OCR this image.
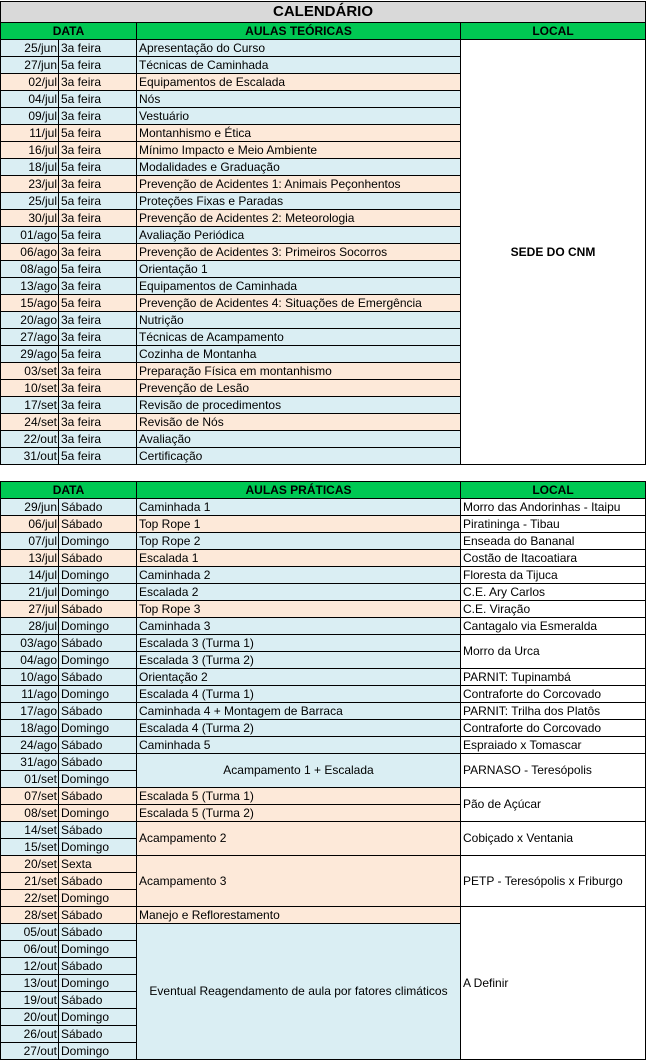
CALENDÁRIO			
DATA		AULAS TEÓRICAS	LOCAL
25/jun	3a feira	Apresentação do Curso	SEDE DO CNM
27/jun	5a feira	Técnicas de Caminhada	
02/jul	3a feira	Equipamentos de Escalada	
04/jul	5a feira	Nós	
09/jul	3a feira	Vestuário	
11/jul	5a feira	Montanhismo e Ética	
16/jul	3a feira	Mínimo Impacto e Meio Ambiente	
18/jul	5a feira	Modalidades e Graduação	
23/jul	3a feira	Prevenção de Acidentes 1: Animais Peçonhentos	
25/jul	5a feira	Proteções Fixas e Paradas	
30/jul	3a feira	Prevenção de Acidentes 2: Meteorologia	
01/ago	5a feira	Avaliação Periódica	
06/ago	3a feira	Prevenção de Acidentes 3: Primeiros Socorros	
08/ago	5a feira	Orientação 1	
13/ago	3a feira	Equipamentos de Caminhada	
15/ago	5a feira	Prevenção de Acidentes 4: Situações de Emergência	
20/ago	3a feira	Nutrição	
27/ago	3a feira	Técnicas de Acampamento	
29/ago	5a feira	Cozinha de Montanha	
03/set	3a feira	Preparação Física em montanhismo	
10/set	3a feira	Prevenção de Lesão	
17/set	3a feira	Revisão de procedimentos	
24/set	3a feira	Revisão de Nós	
22/out	3a feira	Avaliação	
31/out	5a feira	Certificação	
DATA		AULAS PRÁTICAS	LOCAL
29/jun	Sábado	Caminhada 1	Morro das Andorinhas - Itaipu
06/jul	Sábado	Top Rope 1	Piratininga - Tibau
07/jul	Domingo	Top Rope 2	Enseada do Bananal
13/jul	Sábado	Escalada 1	Costão de Itacoatiara
14/jul	Domingo	Caminhada 2	Floresta da Tijuca
21/jul	Domingo	Escalada 2	C.E. Ary Carlos
27/jul	Sábado	Top Rope 3	C.E. Viração
28/jul	Domingo	Caminhada 3	Cantagalo via Esmeralda
03/ago	Sábado	Escalada 3 (Turma 1)	Morro da Urca
04/ago	Domingo	Escalada 3 (Turma 2)	
10/ago	Sábado	Orientação 2	PARNIT: Tupinambá
11/ago	Domingo	Escalada 4 (Turma 1)	Contraforte do Corcovado
17/ago	Sábado	Caminhada 4 + Montagem de Barraca	PARNIT: Trilha dos Platôs
18/ago	Domingo	Escalada 4 (Turma 2)	Contraforte do Corcovado
24/ago	Sábado	Caminhada 5	Espraiado x Tomascar
31/ago	Sábado	Acampamento 1 + Escalada	PARNASO - Teresópolis
01/set	Domingo		
07/set	Sábado	Escalada 5 (Turma 1)	Pão de Açúcar
08/set	Domingo	Escalada 5 (Turma 2)	
14/set	Sábado	Acampamento 2	Cobiçado x Ventania
15/set	Domingo		
20/set	Sexta	Acampamento 3	PETP - Teresópolis x Friburgo
21/set	Sábado		
22/set	Domingo		
28/set	Sábado	Manejo e Reflorestamento	A Definir
05/out	Sábado	Eventual Reagendamento de aula por fatores climáticos	
06/out	Domingo		
12/out	Sábado		
13/out	Domingo		
19/out	Sábado		
20/out	Domingo		
26/out	Sábado		
27/out	Domingo		
